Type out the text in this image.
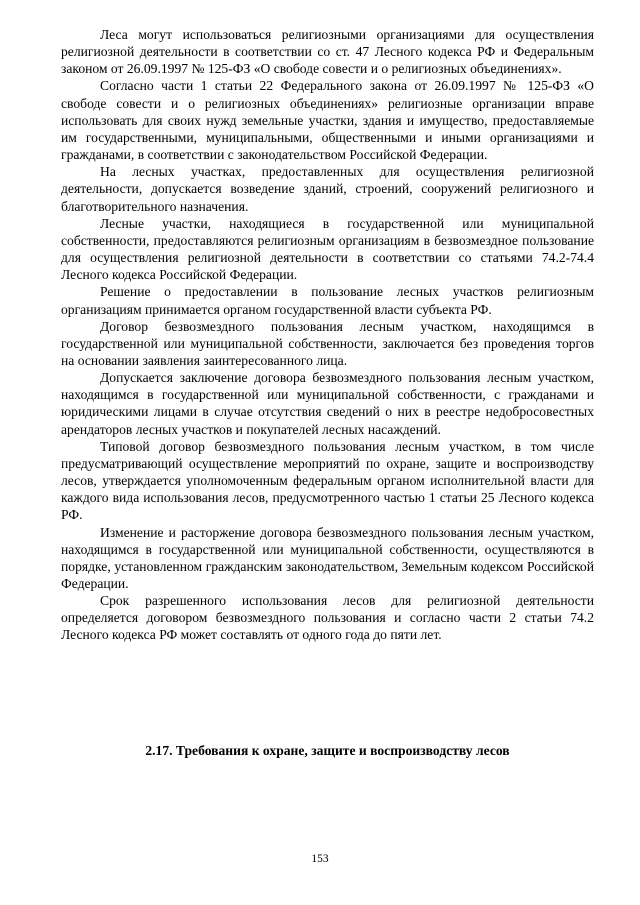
Леса могут использоваться религиозными организациями для осуществления религиозной деятельности в соответствии со ст. 47 Лесного кодекса РФ и Федеральным законом от 26.09.1997 № 125-ФЗ «О свободе совести и о религиозных объединениях».

Согласно части 1 статьи 22 Федерального закона от 26.09.1997 № 125-ФЗ «О свободе совести и о религиозных объединениях» религиозные организации вправе использовать для своих нужд земельные участки, здания и имущество, предоставляемые им государственными, муниципальными, общественными и иными организациями и гражданами, в соответствии с законодательством Российской Федерации.

На лесных участках, предоставленных для осуществления религиозной деятельности, допускается возведение зданий, строений, сооружений религиозного и благотворительного назначения.

Лесные участки, находящиеся в государственной или муниципальной собственности, предоставляются религиозным организациям в безвозмездное пользование для осуществления религиозной деятельности в соответствии со статьями 74.2-74.4 Лесного кодекса Российской Федерации.

Решение о предоставлении в пользование лесных участков религиозным организациям принимается органом государственной власти субъекта РФ.

Договор безвозмездного пользования лесным участком, находящимся в государственной или муниципальной собственности, заключается без проведения торгов на основании заявления заинтересованного лица.

Допускается заключение договора безвозмездного пользования лесным участком, находящимся в государственной или муниципальной собственности, с гражданами и юридическими лицами в случае отсутствия сведений о них в реестре недобросовестных арендаторов лесных участков и покупателей лесных насаждений.

Типовой договор безвозмездного пользования лесным участком, в том числе предусматривающий осуществление мероприятий по охране, защите и воспроизводству лесов, утверждается уполномоченным федеральным органом исполнительной власти для каждого вида использования лесов, предусмотренного частью 1 статьи 25 Лесного кодекса РФ.

Изменение и расторжение договора безвозмездного пользования лесным участком, находящимся в государственной или муниципальной собственности, осуществляются в порядке, установленном гражданским законодательством, Земельным кодексом Российской Федерации.

Срок разрешенного использования лесов для религиозной деятельности определяется договором безвозмездного пользования и согласно части 2 статьи 74.2 Лесного кодекса РФ может составлять от одного года до пяти лет.

2.17. Требования к охране, защите и воспроизводству лесов
153
